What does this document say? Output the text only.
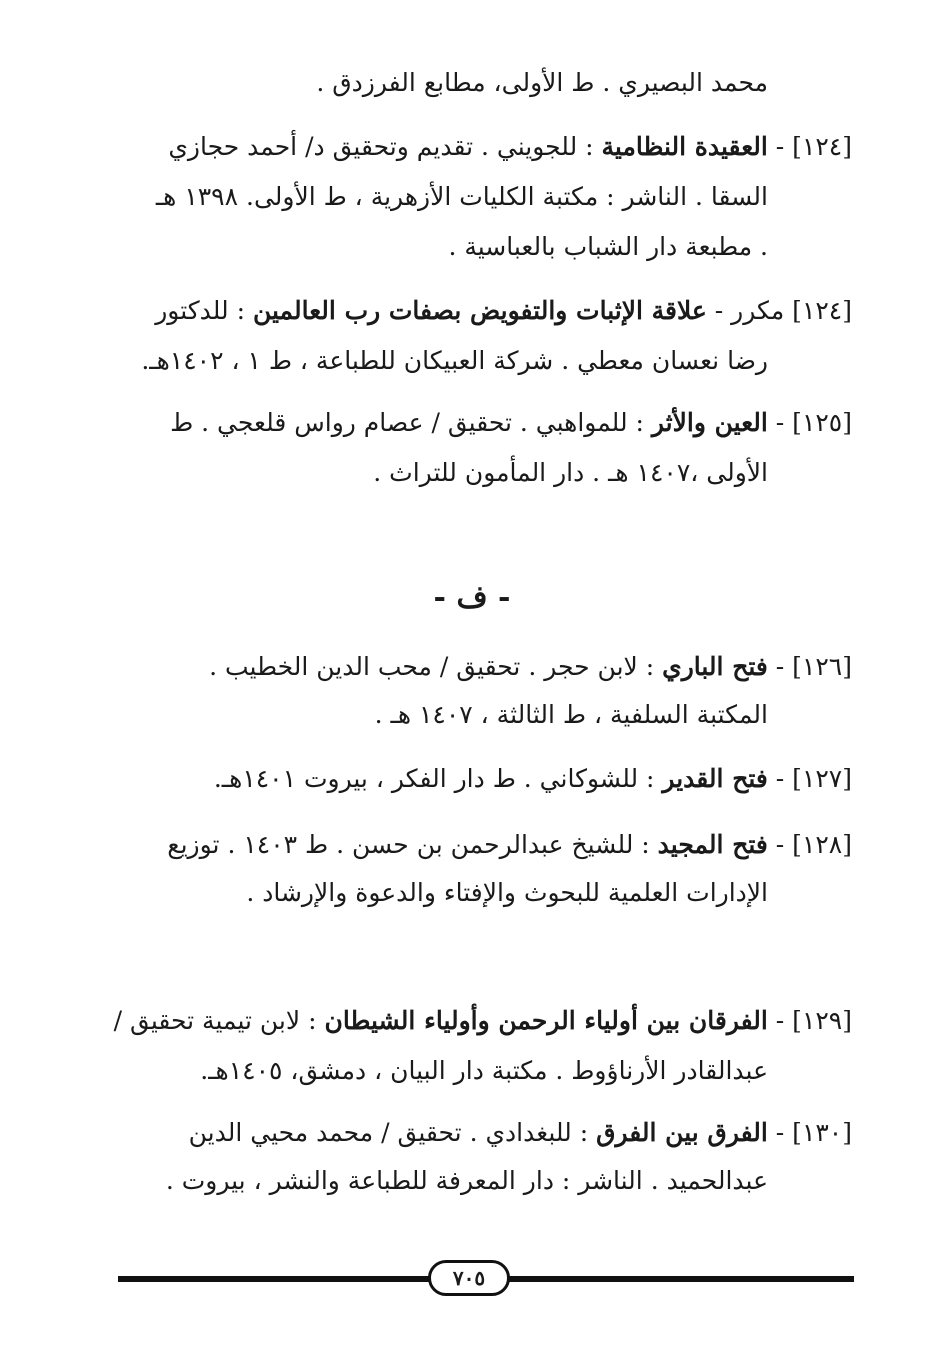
محمد البصيري . ط الأولى، مطابع الفرزدق .
[١٢٤] - العقيدة النظامية : للجويني . تقديم وتحقيق د/ أحمد حجازي
السقا . الناشر : مكتبة الكليات الأزهرية ، ط الأولى. ١٣٩٨ هـ
. مطبعة دار الشباب بالعباسية .
[١٢٤] مكرر - علاقة الإثبات والتفويض بصفات رب العالمين : للدكتور
رضا نعسان معطي . شركة العبيكان للطباعة ، ط ١ ، ١٤٠٢هـ.
[١٢٥] - العين والأثر : للمواهبي . تحقيق / عصام رواس قلعجي . ط
الأولى ،١٤٠٧ هـ . دار المأمون للتراث .
- ف -
[١٢٦] - فتح الباري : لابن حجر . تحقيق / محب الدين الخطيب .
المكتبة السلفية ، ط الثالثة ، ١٤٠٧ هـ .
[١٢٧] - فتح القدير : للشوكاني . ط دار الفكر ، بيروت ١٤٠١هـ.
[١٢٨] - فتح المجيد : للشيخ عبدالرحمن بن حسن . ط ١٤٠٣ . توزيع
الإدارات العلمية للبحوث والإفتاء والدعوة والإرشاد .
[١٢٩] - الفرقان بين أولياء الرحمن وأولياء الشيطان : لابن تيمية تحقيق /
عبدالقادر الأرناؤوط . مكتبة دار البيان ، دمشق، ١٤٠٥هـ.
[١٣٠] - الفرق بين الفرق : للبغدادي . تحقيق / محمد محيي الدين
عبدالحميد . الناشر : دار المعرفة للطباعة والنشر ، بيروت .
٧٠٥
